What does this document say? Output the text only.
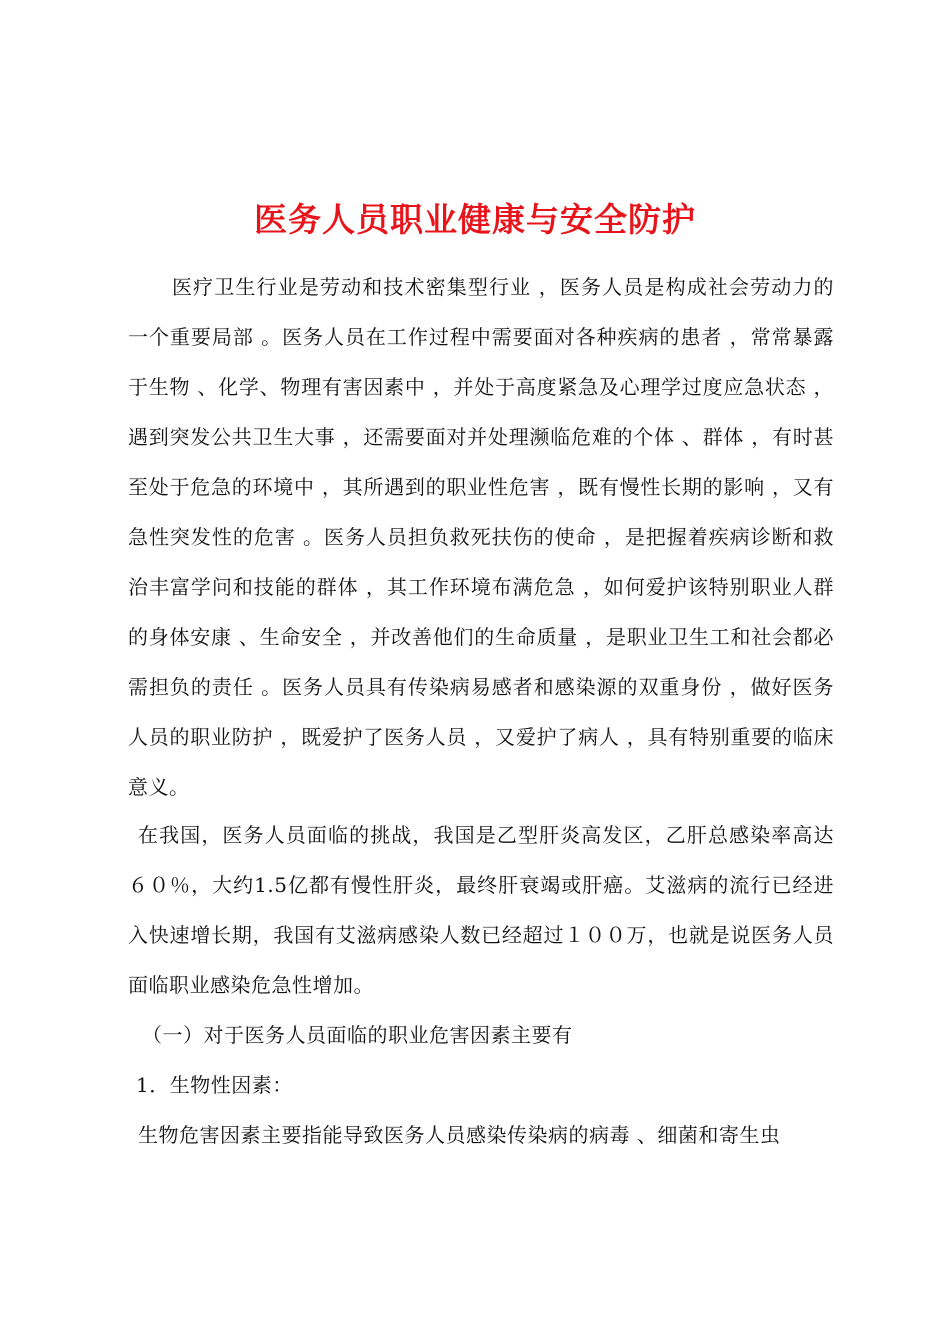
医务人员职业健康与安全防护

医疗卫生行业是劳动和技术密集型行业 ，医务人员是构成社会劳动力的一个重要局部 。医务人员在工作过程中需要面对各种疾病的患者 ，常常暴露于生物 、化学、物理有害因素中 ，并处于高度紧急及心理学过度应急状态 ，遇到突发公共卫生大事 ，还需要面对并处理濒临危难的个体 、群体 ，有时甚至处于危急的环境中 ，其所遇到的职业性危害 ，既有慢性长期的影响 ，又有急性突发性的危害 。医务人员担负救死扶伤的使命 ，是把握着疾病诊断和救治丰富学问和技能的群体 ，其工作环境布满危急 ，如何爱护该特别职业人群的身体安康 、生命安全 ，并改善他们的生命质量 ，是职业卫生工和社会都必需担负的责任 。医务人员具有传染病易感者和感染源的双重身份 ，做好医务人员的职业防护 ，既爱护了医务人员 ，又爱护了病人 ，具有特别重要的临床意义。

在我国，医务人员面临的挑战，我国是乙型肝炎高发区，乙肝总感染率高达６０％，大约1.5亿都有慢性肝炎，最终肝衰竭或肝癌。艾滋病的流行已经进入快速增长期，我国有艾滋病感染人数已经超过１００万，也就是说医务人员面临职业感染危急性增加。

（一）对于医务人员面临的职业危害因素主要有

1．生物性因素：

生物危害因素主要指能导致医务人员感染传染病的病毒 、细菌和寄生虫
